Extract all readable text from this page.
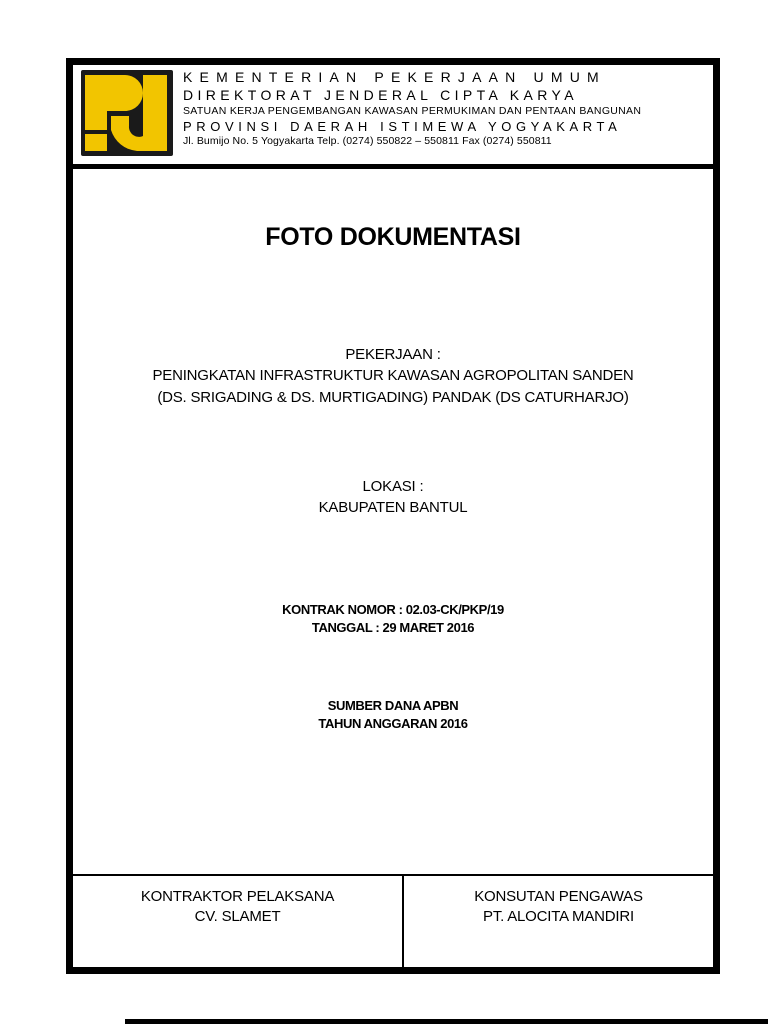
KEMENTERIAN PEKERJAAN UMUM
DIREKTORAT JENDERAL CIPTA KARYA
SATUAN KERJA PENGEMBANGAN KAWASAN PERMUKIMAN DAN PENTAAN BANGUNAN
PROVINSI DAERAH ISTIMEWA YOGYAKARTA
Jl. Bumijo No. 5 Yogyakarta Telp. (0274) 550822 – 550811 Fax (0274) 550811
FOTO DOKUMENTASI
PEKERJAAN :
PENINGKATAN INFRASTRUKTUR KAWASAN AGROPOLITAN SANDEN
(DS. SRIGADING & DS. MURTIGADING) PANDAK (DS CATURHARJO)
LOKASI :
KABUPATEN BANTUL
KONTRAK NOMOR : 02.03-CK/PKP/19
TANGGAL : 29 MARET 2016
SUMBER DANA APBN
TAHUN ANGGARAN 2016
KONTRAKTOR PELAKSANA
CV. SLAMET
KONSUTAN PENGAWAS
PT. ALOCITA MANDIRI
